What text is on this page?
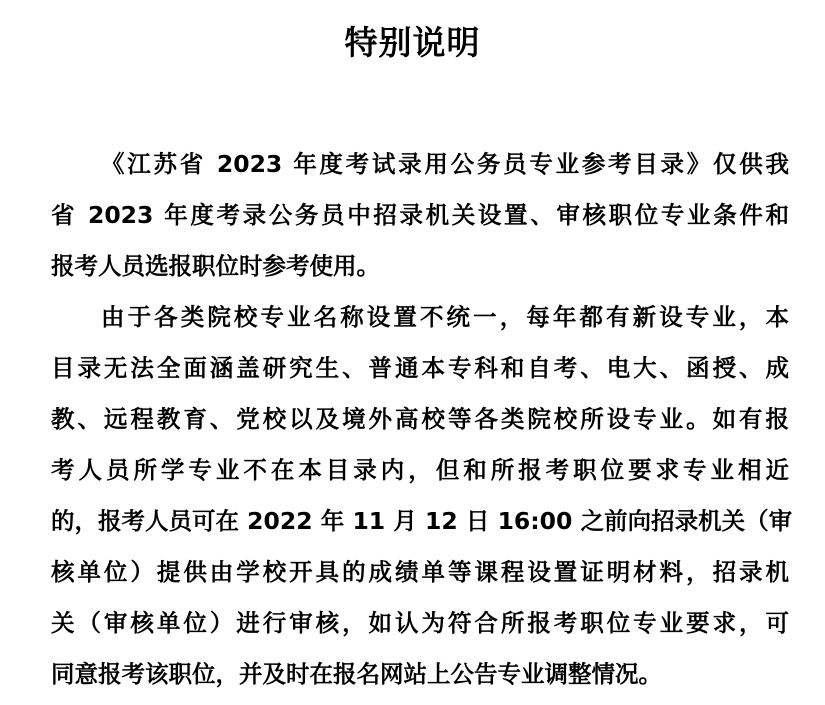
特别说明
《江苏省 2023 年度考试录用公务员专业参考目录》仅供我
省 2023 年度考录公务员中招录机关设置、审核职位专业条件和
报考人员选报职位时参考使用。
由于各类院校专业名称设置不统一，每年都有新设专业，本
目录无法全面涵盖研究生、普通本专科和自考、电大、函授、成
教、远程教育、党校以及境外高校等各类院校所设专业。如有报
考人员所学专业不在本目录内，但和所报考职位要求专业相近
的，报考人员可在 2022 年 11 月 12 日 16:00 之前向招录机关（审
核单位）提供由学校开具的成绩单等课程设置证明材料，招录机
关（审核单位）进行审核，如认为符合所报考职位专业要求，可
同意报考该职位，并及时在报名网站上公告专业调整情况。
